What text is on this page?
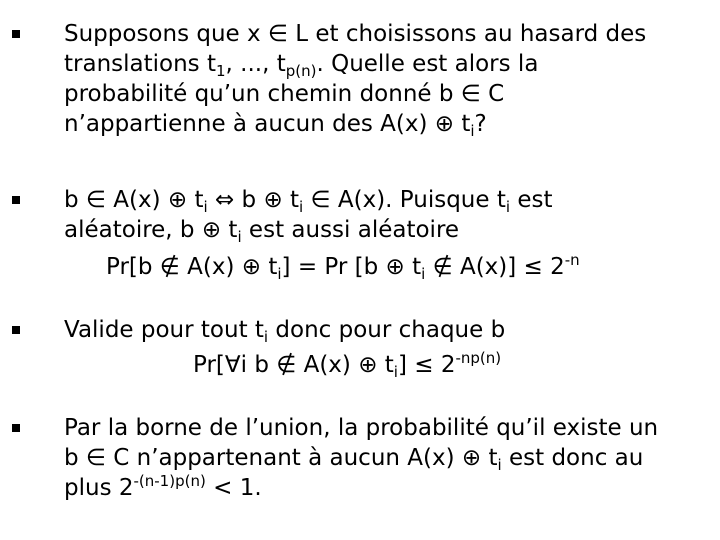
Supposons que x ∈ L et choisissons au hasard des
translations $t_1$, ..., $t_{p(n)}$. Quelle est alors la
probabilité qu’un chemin donné b ∈ C
n’appartienne à aucun des A(x) ⊕ $t_i$?
b ∈ A(x) ⊕ $t_i$ ⇔ b ⊕ $t_i$ ∈ A(x). Puisque $t_i$ est
aléatoire, b ⊕ $t_i$ est aussi aléatoire
Pr[b ∉ A(x) ⊕ $t_i] = Pr$ [b ⊕ $t_i$ ∉ $A(x)] \le 2^{-n}$
Valide pour tout $t_i$ donc pour chaque b
Pr[∀i b ∉ A(x) ⊕ $t_i] \le 2^{-np(n)}$
Par la borne de l’union, la probabilité qu’il existe un
b ∈ C n’appartenant à aucun A(x) ⊕ $t_i$ est donc au
plus $2^{-(n-1)p(n)} < 1$.
